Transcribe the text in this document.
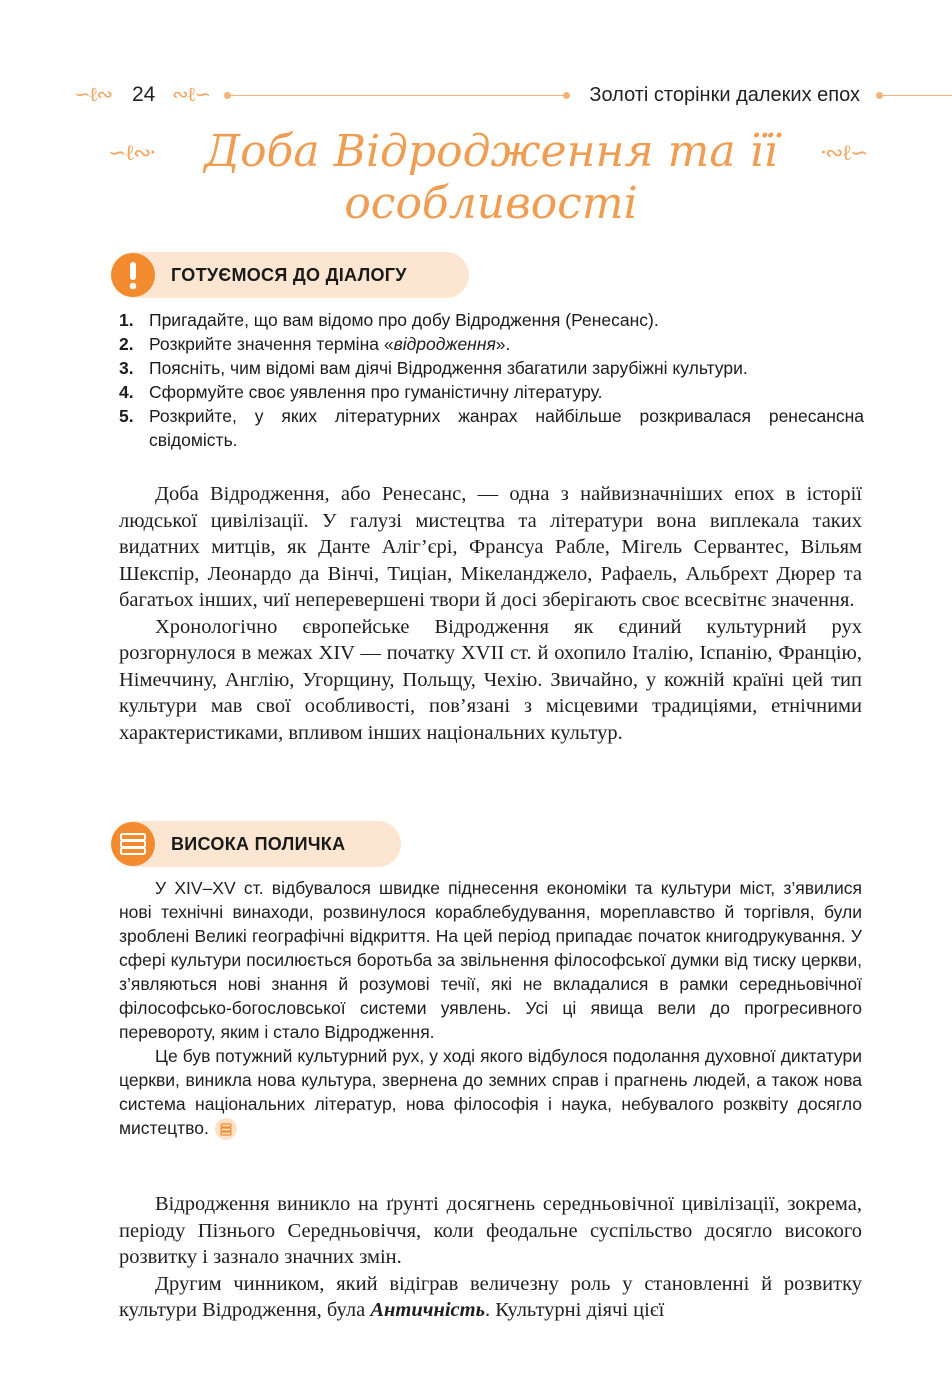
∽ℓ∾ 24 ∾ℓ∽	Золоті сторінки далеких епох
∽ℓ∾·	·∾ℓ∽
Доба Відродження та її
особливості
ГОТУЄМОСЯ ДО ДІАЛОГУ
1. Пригадайте, що вам відомо про добу Відродження (Ренесанс).
2. Розкрийте значення терміна «відродження».
3. Поясніть, чим відомі вам діячі Відродження збагатили зарубіжні культури.
4. Сформуйте своє уявлення про гуманістичну літературу.
5. Розкрийте, у яких літературних жанрах найбільше розкривалася ренесансна свідомість.

Доба Відродження, або Ренесанс, — одна з найвизначніших епох в історії людської цивілізації. У галузі мистецтва та літератури вона виплекала таких видатних митців, як Данте Аліг’єрі, Франсуа Рабле, Мігель Сервантес, Вільям Шекспір, Леонардо да Вінчі, Тиціан, Мікеланджело, Рафаель, Альбрехт Дюрер та багатьох інших, чиї неперевершені твори й досі зберігають своє всесвітнє значення.

Хронологічно європейське Відродження як єдиний культурний рух розгорнулося в межах XIV — початку XVII ст. й охопило Італію, Іспанію, Францію, Німеччину, Англію, Угорщину, Польщу, Чехію. Звичайно, у кожній країні цей тип культури мав свої особливості, пов’язані з місцевими традиціями, етнічними характеристиками, впливом інших національних культур.

ВИСОКА ПОЛИЧКА

У XIV–XV ст. відбувалося швидке піднесення економіки та культури міст, з’явилися нові технічні винаходи, розвинулося кораблебудування, мореплавство й торгівля, були зроблені Великі географічні відкриття. На цей період припадає початок книгодрукування. У сфері культури посилюється боротьба за звільнення філософської думки від тиску церкви, з’являються нові знання й розумові течії, які не вкладалися в рамки середньовічної філософсько-богословської системи уявлень. Усі ці явища вели до прогресивного перевороту, яким і стало Відродження.

Це був потужний культурний рух, у ході якого відбулося подолання духовної диктатури церкви, виникла нова культура, звернена до земних справ і прагнень людей, а також нова система національних літератур, нова філософія і наука, небувалого розквіту досягло мистецтво.

Відродження виникло на ґрунті досягнень середньовічної цивілізації, зокрема, періоду Пізнього Середньовіччя, коли феодальне суспільство досягло високого розвитку і зазнало значних змін.

Другим чинником, який відіграв величезну роль у становленні й розвитку культури Відродження, була Античність. Культурні діячі цієї
